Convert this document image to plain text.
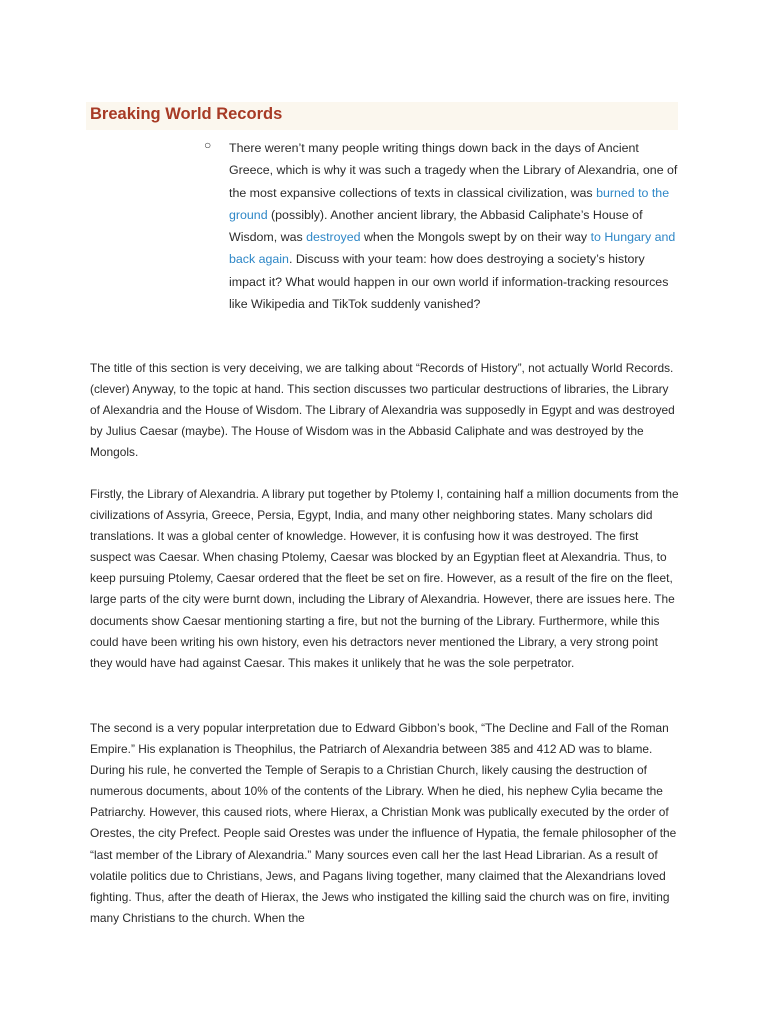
Breaking World Records
○ There weren’t many people writing things down back in the days of Ancient Greece, which is why it was such a tragedy when the Library of Alexandria, one of the most expansive collections of texts in classical civilization, was burned to the ground (possibly). Another ancient library, the Abbasid Caliphate’s House of Wisdom, was destroyed when the Mongols swept by on their way to Hungary and back again. Discuss with your team: how does destroying a society’s history impact it? What would happen in our own world if information-tracking resources like Wikipedia and TikTok suddenly vanished?

The title of this section is very deceiving, we are talking about “Records of History”, not actually World Records. (clever) Anyway, to the topic at hand. This section discusses two particular destructions of libraries, the Library of Alexandria and the House of Wisdom. The Library of Alexandria was supposedly in Egypt and was destroyed by Julius Caesar (maybe). The House of Wisdom was in the Abbasid Caliphate and was destroyed by the Mongols.

Firstly, the Library of Alexandria. A library put together by Ptolemy I, containing half a million documents from the civilizations of Assyria, Greece, Persia, Egypt, India, and many other neighboring states. Many scholars did translations. It was a global center of knowledge. However, it is confusing how it was destroyed. The first suspect was Caesar. When chasing Ptolemy, Caesar was blocked by an Egyptian fleet at Alexandria. Thus, to keep pursuing Ptolemy, Caesar ordered that the fleet be set on fire. However, as a result of the fire on the fleet, large parts of the city were burnt down, including the Library of Alexandria. However, there are issues here. The documents show Caesar mentioning starting a fire, but not the burning of the Library. Furthermore, while this could have been writing his own history, even his detractors never mentioned the Library, a very strong point they would have had against Caesar. This makes it unlikely that he was the sole perpetrator.

The second is a very popular interpretation due to Edward Gibbon’s book, “The Decline and Fall of the Roman Empire.” His explanation is Theophilus, the Patriarch of Alexandria between 385 and 412 AD was to blame. During his rule, he converted the Temple of Serapis to a Christian Church, likely causing the destruction of numerous documents, about 10% of the contents of the Library. When he died, his nephew Cylia became the Patriarchy. However, this caused riots, where Hierax, a Christian Monk was publically executed by the order of Orestes, the city Prefect. People said Orestes was under the influence of Hypatia, the female philosopher of the “last member of the Library of Alexandria.” Many sources even call her the last Head Librarian. As a result of volatile politics due to Christians, Jews, and Pagans living together, many claimed that the Alexandrians loved fighting. Thus, after the death of Hierax, the Jews who instigated the killing said the church was on fire, inviting many Christians to the church. When the
